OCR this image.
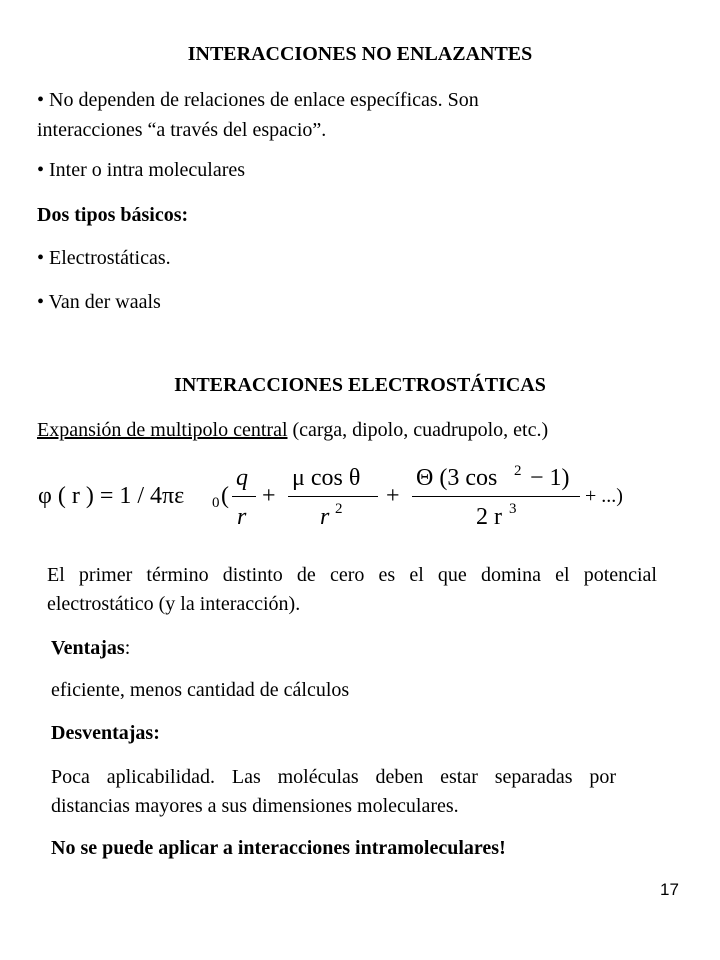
INTERACCIONES NO ENLAZANTES
• No dependen de relaciones de enlace específicas. Son
interacciones “a través del espacio”.
• Inter o intra moleculares
Dos tipos básicos:
• Electrostáticas.
• Van der waals
INTERACCIONES ELECTROSTÁTICAS
Expansión de multipolo central (carga, dipolo, cuadrupolo, etc.)
φ ( r ) = 1 / 4πε 0 (
q
r
+
μ cos θ
r 2 +
Θ (3 cos 2 − 1)
2 r 3
+ ...)
El primer término distinto de cero es el que domina el potencial electrostático (y la interacción).
Ventajas:
eficiente, menos cantidad de cálculos
Desventajas:
Poca aplicabilidad. Las moléculas deben estar separadas por distancias mayores a sus dimensiones moleculares.
No se puede aplicar a interacciones intramoleculares!
17
